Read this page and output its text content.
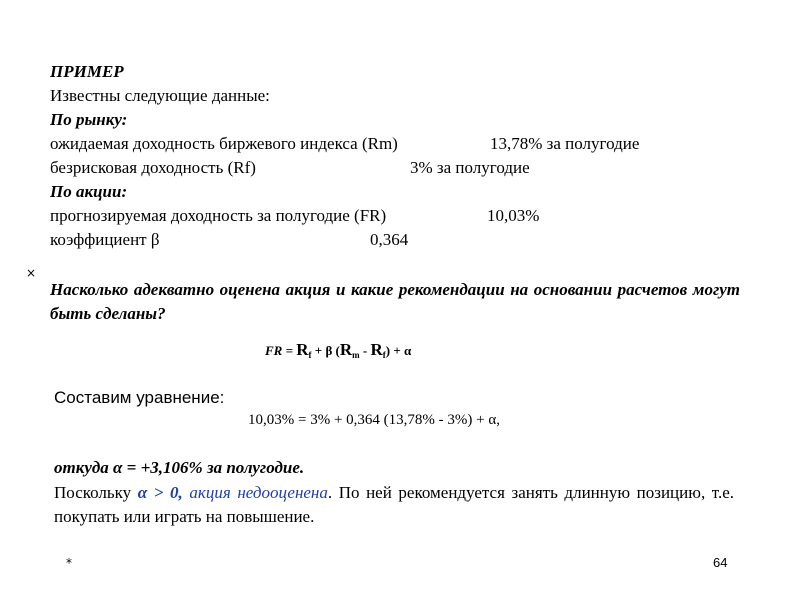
ПРИМЕР
Известны следующие данные:
По рынку:
ожидаемая доходность биржевого индекса (Rm)	13,78% за полугодие
безрисковая доходность (Rf)	3% за полугодие
По акции:
прогнозируемая доходность за полугодие (FR)	10,03%
коэффициент β	0,364
×
Насколько адекватно оценена акция и какие рекомендации на основании расчетов могут быть сделаны?
FR = $R_f + \beta$ $(R_m - R_f) + \alpha$
Составим уравнение:
10,03% = 3% + 0,364 (13,78% - 3%) + α,
откуда α = +3,106% за полугодие.
Поскольку α > 0, акция недооценена. По ней рекомендуется занять длинную позицию, т.е. покупать или играть на повышение.
*	64
